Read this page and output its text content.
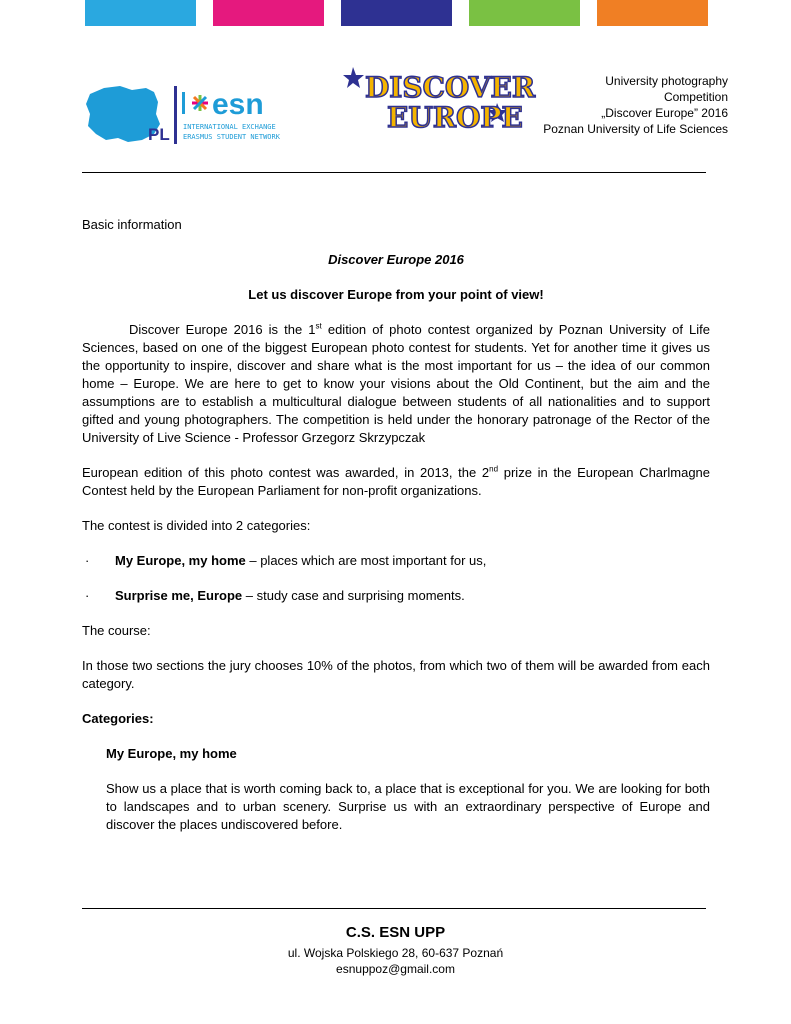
PL
esn
INTERNATIONAL EXCHANGE
ERASMUS STUDENT NETWORK
DISCOVER
EUROPE
University photography
Competition
„Discover Europe” 2016
Poznan University of Life Sciences

Basic information

Discover Europe 2016

Let us discover Europe from your point of view!

Discover Europe 2016 is the 1st edition of photo contest organized by Poznan University of Life Sciences, based on one of the biggest European photo contest for students. Yet for another time it gives us the opportunity to inspire, discover and share what is the most important for us – the idea of our common home – Europe. We are here to get to know your visions about the Old Continent, but the aim and the assumptions are to establish a multicultural dialogue between students of all nationalities and to support gifted and young photographers. The competition is held under the honorary patronage of the Rector of the University of Live Science - Professor Grzegorz Skrzypczak

European edition of this photo contest was awarded, in 2013, the 2nd prize in the European Charlmagne Contest held by the European Parliament for non-profit organizations.

The contest is divided into 2 categories:

· My Europe, my home – places which are most important for us,

· Surprise me, Europe – study case and surprising moments.

The course:

In those two sections the jury chooses 10% of the photos, from which two of them will be awarded from each category.

Categories:

My Europe, my home

Show us a place that is worth coming back to, a place that is exceptional for you. We are looking for both to landscapes and to urban scenery. Surprise us with an extraordinary perspective of Europe and discover the places undiscovered before.

C.S. ESN UPP
ul. Wojska Polskiego 28, 60-637 Poznań
esnuppoz@gmail.com
